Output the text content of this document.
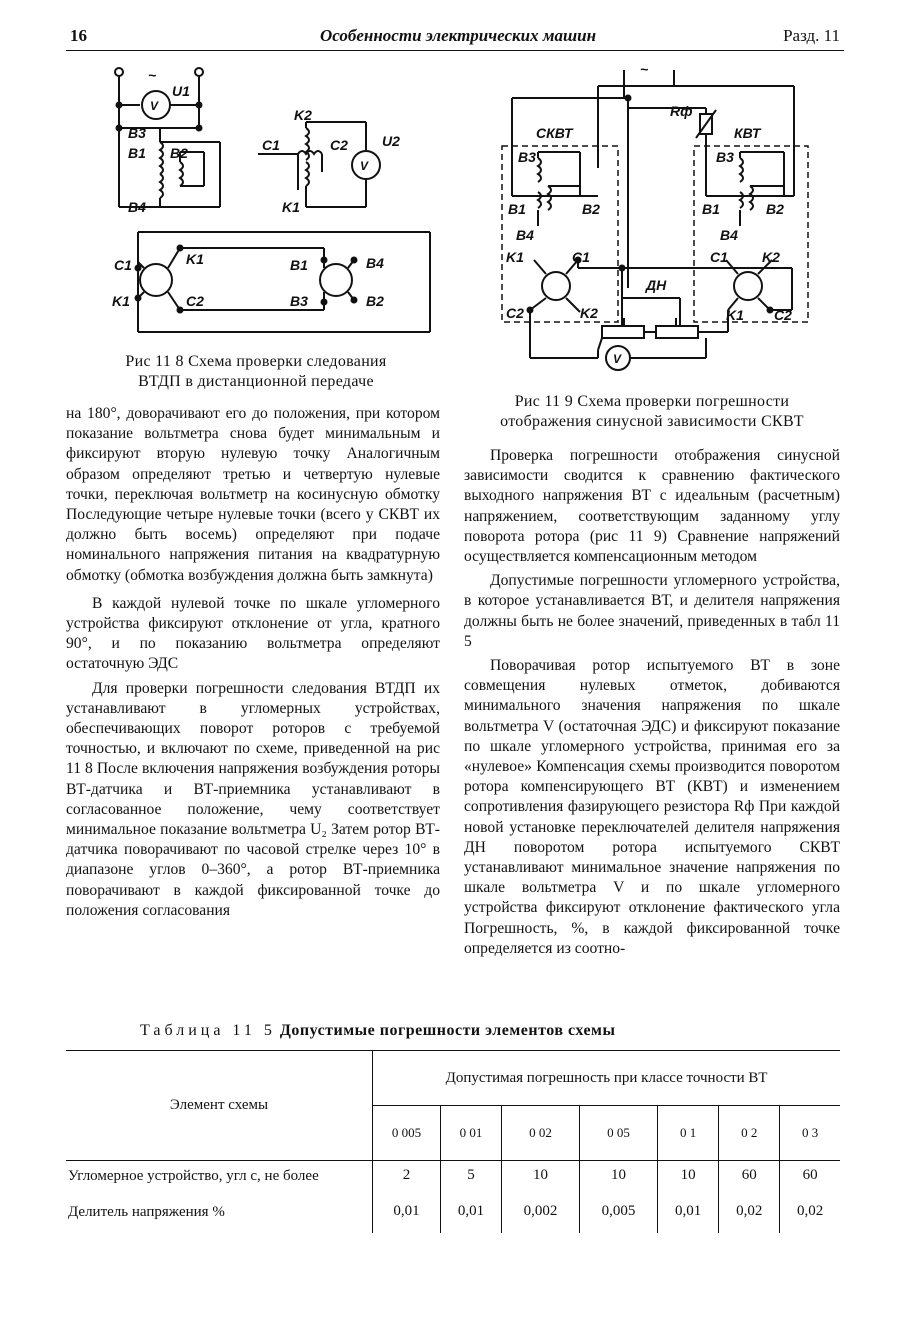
16	Особенности электрических машин	Разд. 11
~
V
U1
B3
B1 B2
B4
K2
C1	C2
V
U2
K1
C1	K1
K1	C2
B1	B4
B3	B2
Рис 11 8 Схема проверки следования
ВТДП в дистанционной передаче
~
Rф
СКВТ
B3
B1	B2
B4
K1	C1
C2	K2
КВТ
B3
B1	B2
B4
C1 K2
K1 C2
ДН
V
Рис 11 9 Схема проверки погрешности
отображения синусной зависимости СКВТ

на 180°, доворачивают его до положения, при котором показание вольтметра снова будет минимальным и фиксируют вторую нулевую точку Аналогичным образом определяют третью и четвертую нулевые точки, переключая вольтметр на косинусную обмотку Последующие четыре нулевые точки (всего у СКВТ их должно быть восемь) определяют при подаче номинального напряжения питания на квадратурную обмотку (обмотка возбуждения должна быть замкнута)

В каждой нулевой точке по шкале угломерного устройства фиксируют отклонение от угла, кратного 90°, и по показанию вольтметра определяют остаточную ЭДС

Для проверки погрешности следования ВТДП их устанавливают в угломерных устройствах, обеспечивающих поворот роторов с требуемой точностью, и включают по схеме, приведенной на рис 11 8 После включения напряжения возбуждения роторы ВТ-датчика и ВТ-приемника устанавливают в согласованное положение, чему соответствует минимальное показание вольтметра U₂ Затем ротор ВТ-датчика поворачивают по часовой стрелке через 10° в диапазоне углов 0–360°, а ротор ВТ-приемника поворачивают в каждой фиксированной точке до положения согласования

Проверка погрешности отображения синусной зависимости сводится к сравнению фактического выходного напряжения ВТ с идеальным (расчетным) напряжением, соответствующим заданному углу поворота ротора (рис 11 9) Сравнение напряжений осуществляется компенсационным методом

Допустимые погрешности угломерного устройства, в которое устанавливается ВТ, и делителя напряжения должны быть не более значений, приведенных в табл 11 5

Поворачивая ротор испытуемого ВТ в зоне совмещения нулевых отметок, добиваются минимального значения напряжения по шкале вольтметра V (остаточная ЭДС) и фиксируют показание по шкале угломерного устройства, принимая его за «нулевое» Компенсация схемы производится поворотом ротора компенсирующего ВТ (КВТ) и изменением сопротивления фазирующего резистора Rф При каждой новой установке переключателей делителя напряжения ДН поворотом ротора испытуемого СКВТ устанавливают минимальное значение напряжения по шкале вольтметра V и по шкале угломерного устройства фиксируют отклонение фактического угла Погрешность, %, в каждой фиксированной точке определяется из соотно-

Таблица 11 5 Допустимые погрешности элементов схемы
Элемент схемы	Допустимая погрешность при классе точности ВТ						
	0 005	0 01	0 02	0 05	0 1	0 2	0 3
Угломерное устройство, угл с, не более	2	5	10	10	10	60	60
Делитель напряжения %	0,01	0,01	0,002	0,005	0,01	0,02	0,02
